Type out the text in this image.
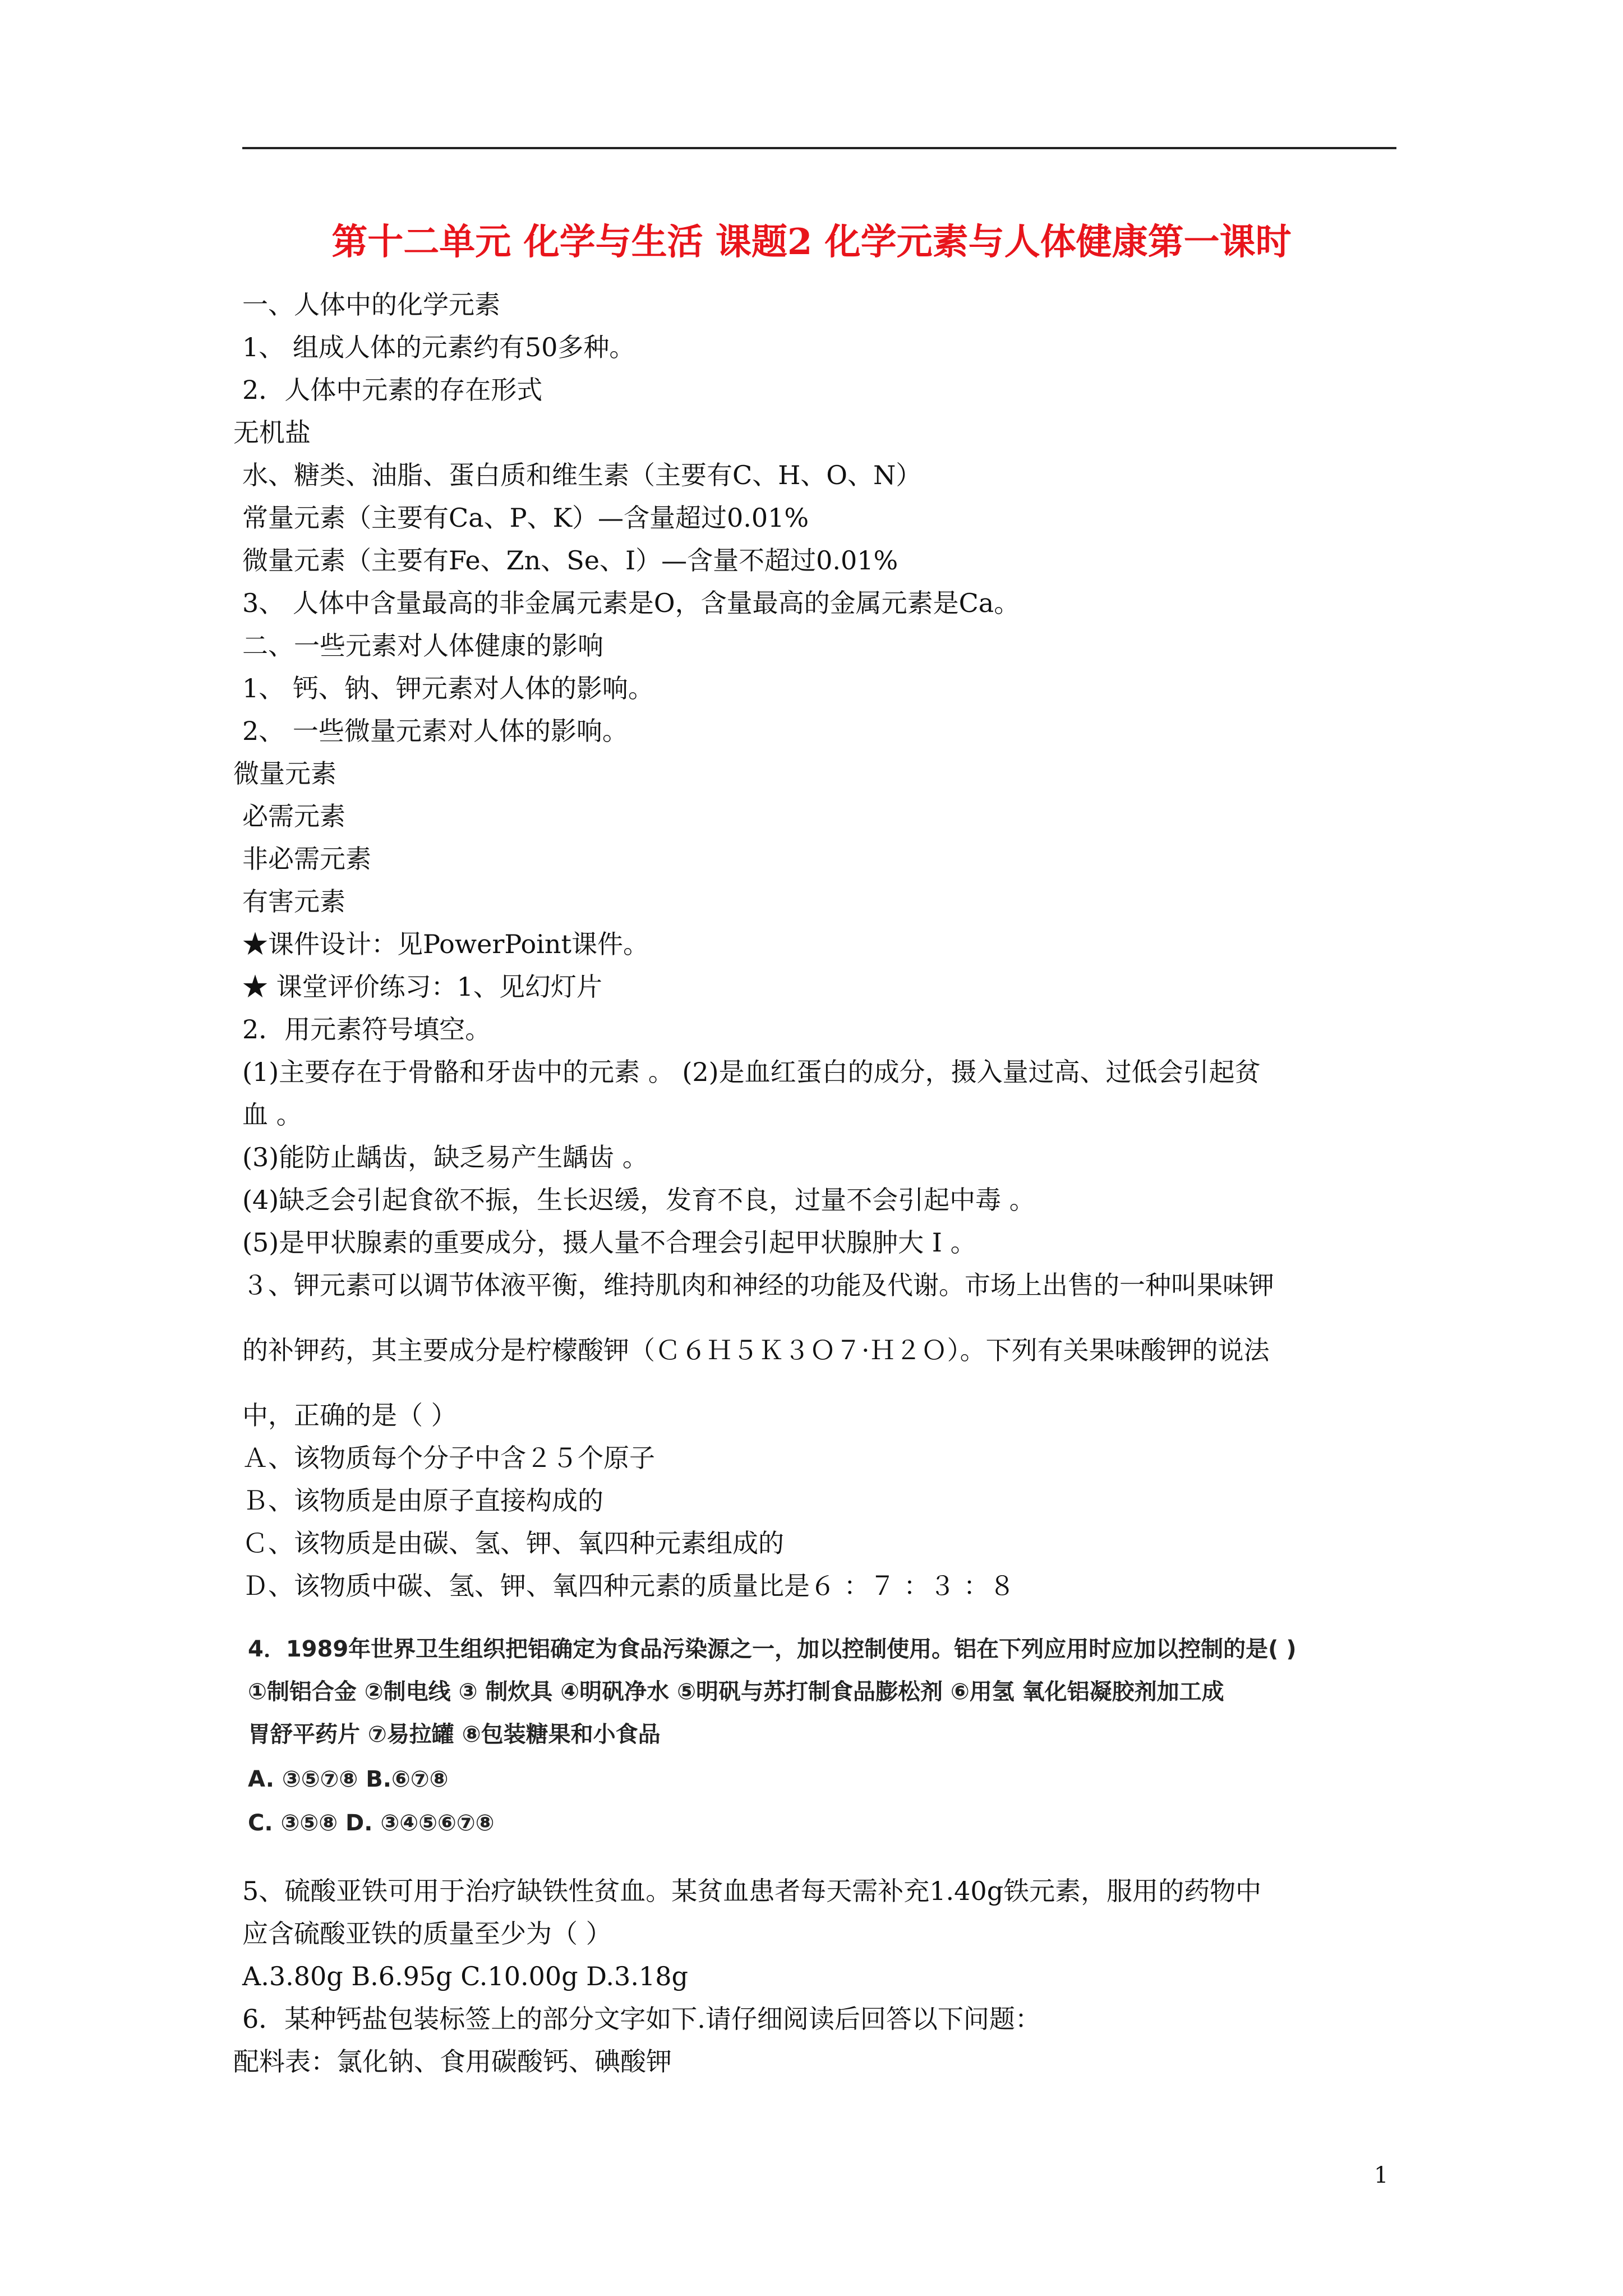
第十二单元 化学与生活 课题2 化学元素与人体健康第一课时
一、人体中的化学元素
1、 组成人体的元素约有50多种。
2．人体中元素的存在形式
无机盐
水、糖类、油脂、蛋白质和维生素（主要有C、H、O、N）
常量元素（主要有Ca、P、K）—含量超过0.01%
微量元素（主要有Fe、Zn、Se、I）—含量不超过0.01%
3、 人体中含量最高的非金属元素是O，含量最高的金属元素是Ca。
二、一些元素对人体健康的影响
1、 钙、钠、钾元素对人体的影响。
2、 一些微量元素对人体的影响。
微量元素
必需元素
非必需元素
有害元素
★课件设计：见PowerPoint课件。
★ 课堂评价练习：1、见幻灯片
2．用元素符号填空。
(1)主要存在于骨骼和牙齿中的元素 。 (2)是血红蛋白的成分，摄入量过高、过低会引起贫
血 。
(3)能防止龋齿，缺乏易产生龋齿 。
(4)缺乏会引起食欲不振，生长迟缓，发育不良，过量不会引起中毒 。
(5)是甲状腺素的重要成分，摄人量不合理会引起甲状腺肿大 I 。
３、钾元素可以调节体液平衡，维持肌肉和神经的功能及代谢。市场上出售的一种叫果味钾
的补钾药，其主要成分是柠檬酸钾（Ｃ６Ｈ５Ｋ３Ｏ７·Ｈ２Ｏ）。下列有关果味酸钾的说法
中，正确的是（ ）
Ａ、该物质每个分子中含２５个原子
Ｂ、该物质是由原子直接构成的
Ｃ、该物质是由碳、氢、钾、氧四种元素组成的
Ｄ、该物质中碳、氢、钾、氧四种元素的质量比是６ ：７ ：３ ：８
4．1989年世界卫生组织把铝确定为食品污染源之一，加以控制使用。铝在下列应用时应加以控制的是( )
①制铝合金 ②制电线 ③ 制炊具 ④明矾净水 ⑤明矾与苏打制食品膨松剂 ⑥用氢 氧化铝凝胶剂加工成
胃舒平药片 ⑦易拉罐 ⑧包装糖果和小食品
A. ③⑤⑦⑧ B.⑥⑦⑧
C. ③⑤⑧ D. ③④⑤⑥⑦⑧
5、硫酸亚铁可用于治疗缺铁性贫血。某贫血患者每天需补充1.40g铁元素，服用的药物中
应含硫酸亚铁的质量至少为（ ）
A.3.80g B.6.95g C.10.00g D.3.18g
6．某种钙盐包装标签上的部分文字如下.请仔细阅读后回答以下问题：
配料表：氯化钠、食用碳酸钙、碘酸钾
1
